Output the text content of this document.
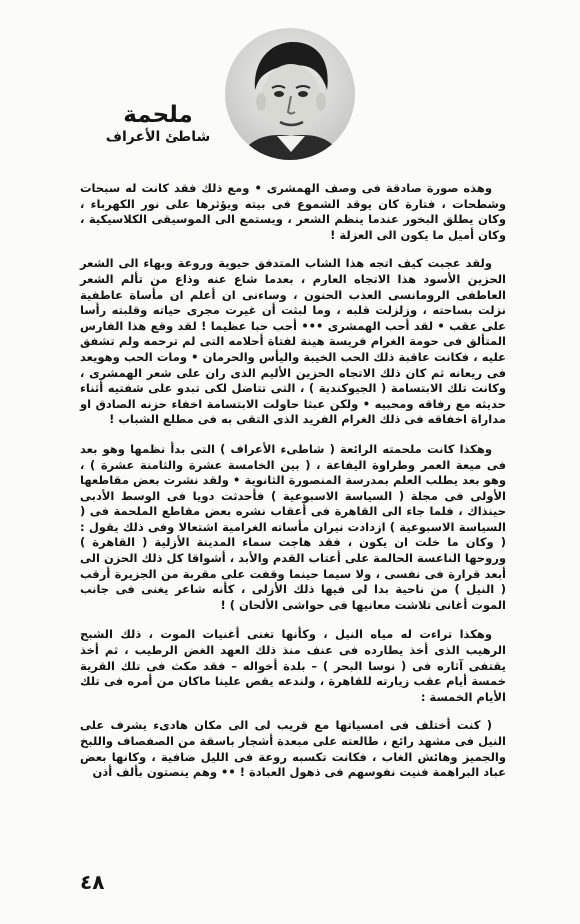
ملحمة
شاطئ الأعراف

وهذه صورة صادقة فى وصف الهمشرى • ومع ذلك فقد كانت له سبحات وشطحات ، فتارة كان يوقد الشموع فى بيته ويؤثرها على نور الكهرباء ، وكان يطلق البخور عندما ينظم الشعر ، ويستمع الى الموسيقى الكلاسيكية ، وكان أميل ما يكون الى العزلة !

ولقد عجبت كيف اتجه هذا الشاب المتدفق حيوية وروعة وبهاء الى الشعر الحزين الأسود هذا الاتجاه العارم ، بعدما شاع عنه وذاع من تألم الشعر العاطفى الرومانسى العذب الحنون ، وساءنى ان أعلم ان مأساة عاطفية نزلت بساحته ، وزلزلت قلبه ، وما لبثت أن غيرت مجرى حياته وقلبته رأسا على عقب • لقد أحب الهمشرى ••• أحب حبا عظيما ! لقد وقع هذا الفارس المتألق فى حومة الغرام فريسة هينة لفتاة أحلامه التى لم ترحمه ولم تشفق عليه ، فكانت عاقبة ذلك الحب الخيبة واليأس والحرمان • ومات الحب وهويعد فى ريعانه ثم كان ذلك الاتجاه الحزين الأليم الذى ران على شعر الهمشرى ، وكانت تلك الابتسامة ( الجيوكندية ) ، التى تتاضل لكى تبدو على شفتيه أثناء حديثه مع رفاقه ومحبيه • ولكن عبثا حاولت الابتسامة اخفاء حزنه الصادق او مداراة اخفاقه فى ذلك الغرام الفريد الذى التقى به فى مطلع الشباب !

وهكذا كانت ملحمته الرائعة ( شاطىء الأعراف ) التى بدأ نظمها وهو بعد فى ميعة العمر وطراوة اليفاعة ، ( بين الخامسة عشرة والثامنة عشرة ) ، وهو بعد يطلب العلم بمدرسة المنصورة الثانوية • ولقد نشرت بعض مقاطعها الأولى فى مجلة ( السياسة الاسبوعية ) فأحدثت دويا فى الوسط الأدبى حينذاك ، فلما جاء الى القاهرة فى أعقاب نشره بعض مقاطع الملحمة فى ( السياسة الاسبوعية ) ازدادت نيران مأساته الغرامية اشتعالا وفى ذلك يقول : ( وكان ما خلت ان يكون ، فقد هاجت سماء المدينة الأزلية ( القاهرة ) وروحها الناعسة الحالمة على أعتاب القدم والأبد ، أشواقا كل ذلك الحزن الى أبعد قرارة فى نفسى ، ولا سيما حينما وقفت على مقربة من الجزيرة أرقب ( النيل ) من ناحية بدا لى فيها ذلك الأزلى ، كأنه شاعر يغنى فى جانب الموت أغانى تلاشت معانيها فى حواشى الألحان ) !

وهكذا تراءت له مياه النيل ، وكأنها تغنى أغنيات الموت ، ذلك الشبح الرهيب الذى أخذ يطارده فى عنف منذ ذلك العهد الغض الرطيب ، ثم أخذ يقتفى آثاره فى ( نوسا البحر ) – بلدة أخواله – فقد مكث فى تلك القرية خمسة أيام عقب زيارته للقاهرة ، ولندعه يقص علينا ماكان من أمره فى تلك الأيام الخمسة :

( كنت أختلف فى امسياتها مع قريب لى الى مكان هادىء يشرف على النيل فى مشهد رائع ، طالعته على مبعدة أشجار باسقة من الصفصاف واللبخ والجميز وهائش الغاب ، فكانت تكسبه روعة فى الليل ضافية ، وكانها بعض عباد البراهمة فنيت نفوسهم فى ذهول العبادة ! •• وهم ينصتون بألف أذن

٤٨
